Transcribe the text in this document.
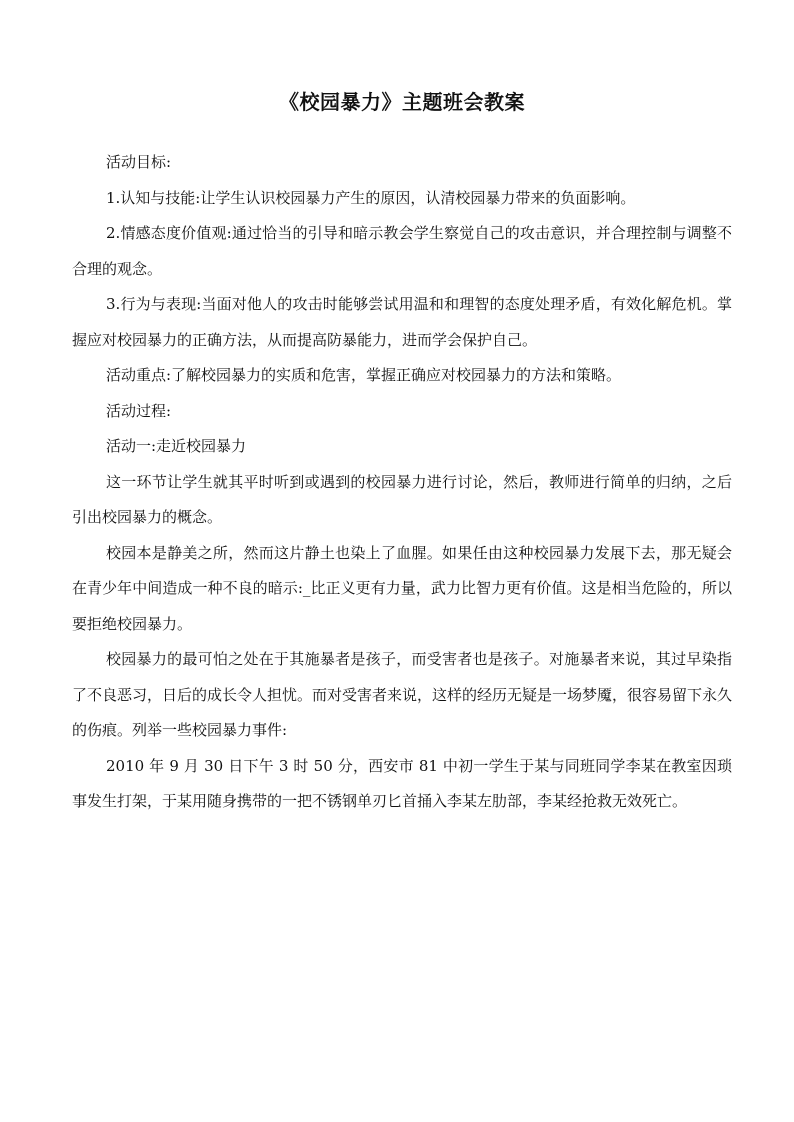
《校园暴力》主题班会教案

活动目标:

1.认知与技能:让学生认识校园暴力产生的原因，认清校园暴力带来的负面影响。

2.情感态度价值观:通过恰当的引导和暗示教会学生察觉自己的攻击意识，并合理控制与调整不合理的观念。

3.行为与表现:当面对他人的攻击时能够尝试用温和和理智的态度处理矛盾，有效化解危机。掌握应对校园暴力的正确方法，从而提高防暴能力，进而学会保护自己。

活动重点:了解校园暴力的实质和危害，掌握正确应对校园暴力的方法和策略。

活动过程:

活动一:走近校园暴力

这一环节让学生就其平时听到或遇到的校园暴力进行讨论，然后，教师进行简单的归纳，之后引出校园暴力的概念。

校园本是静美之所，然而这片静土也染上了血腥。如果任由这种校园暴力发展下去，那无疑会在青少年中间造成一种不良的暗示:_比正义更有力量，武力比智力更有价值。这是相当危险的，所以要拒绝校园暴力。

校园暴力的最可怕之处在于其施暴者是孩子，而受害者也是孩子。对施暴者来说，其过早染指了不良恶习，日后的成长令人担忧。而对受害者来说，这样的经历无疑是一场梦魇，很容易留下永久的伤痕。列举一些校园暴力事件:

2010 年 9 月 30 日下午 3 时 50 分，西安市 81 中初一学生于某与同班同学李某在教室因琐事发生打架，于某用随身携带的一把不锈钢单刃匕首捅入李某左肋部，李某经抢救无效死亡。
